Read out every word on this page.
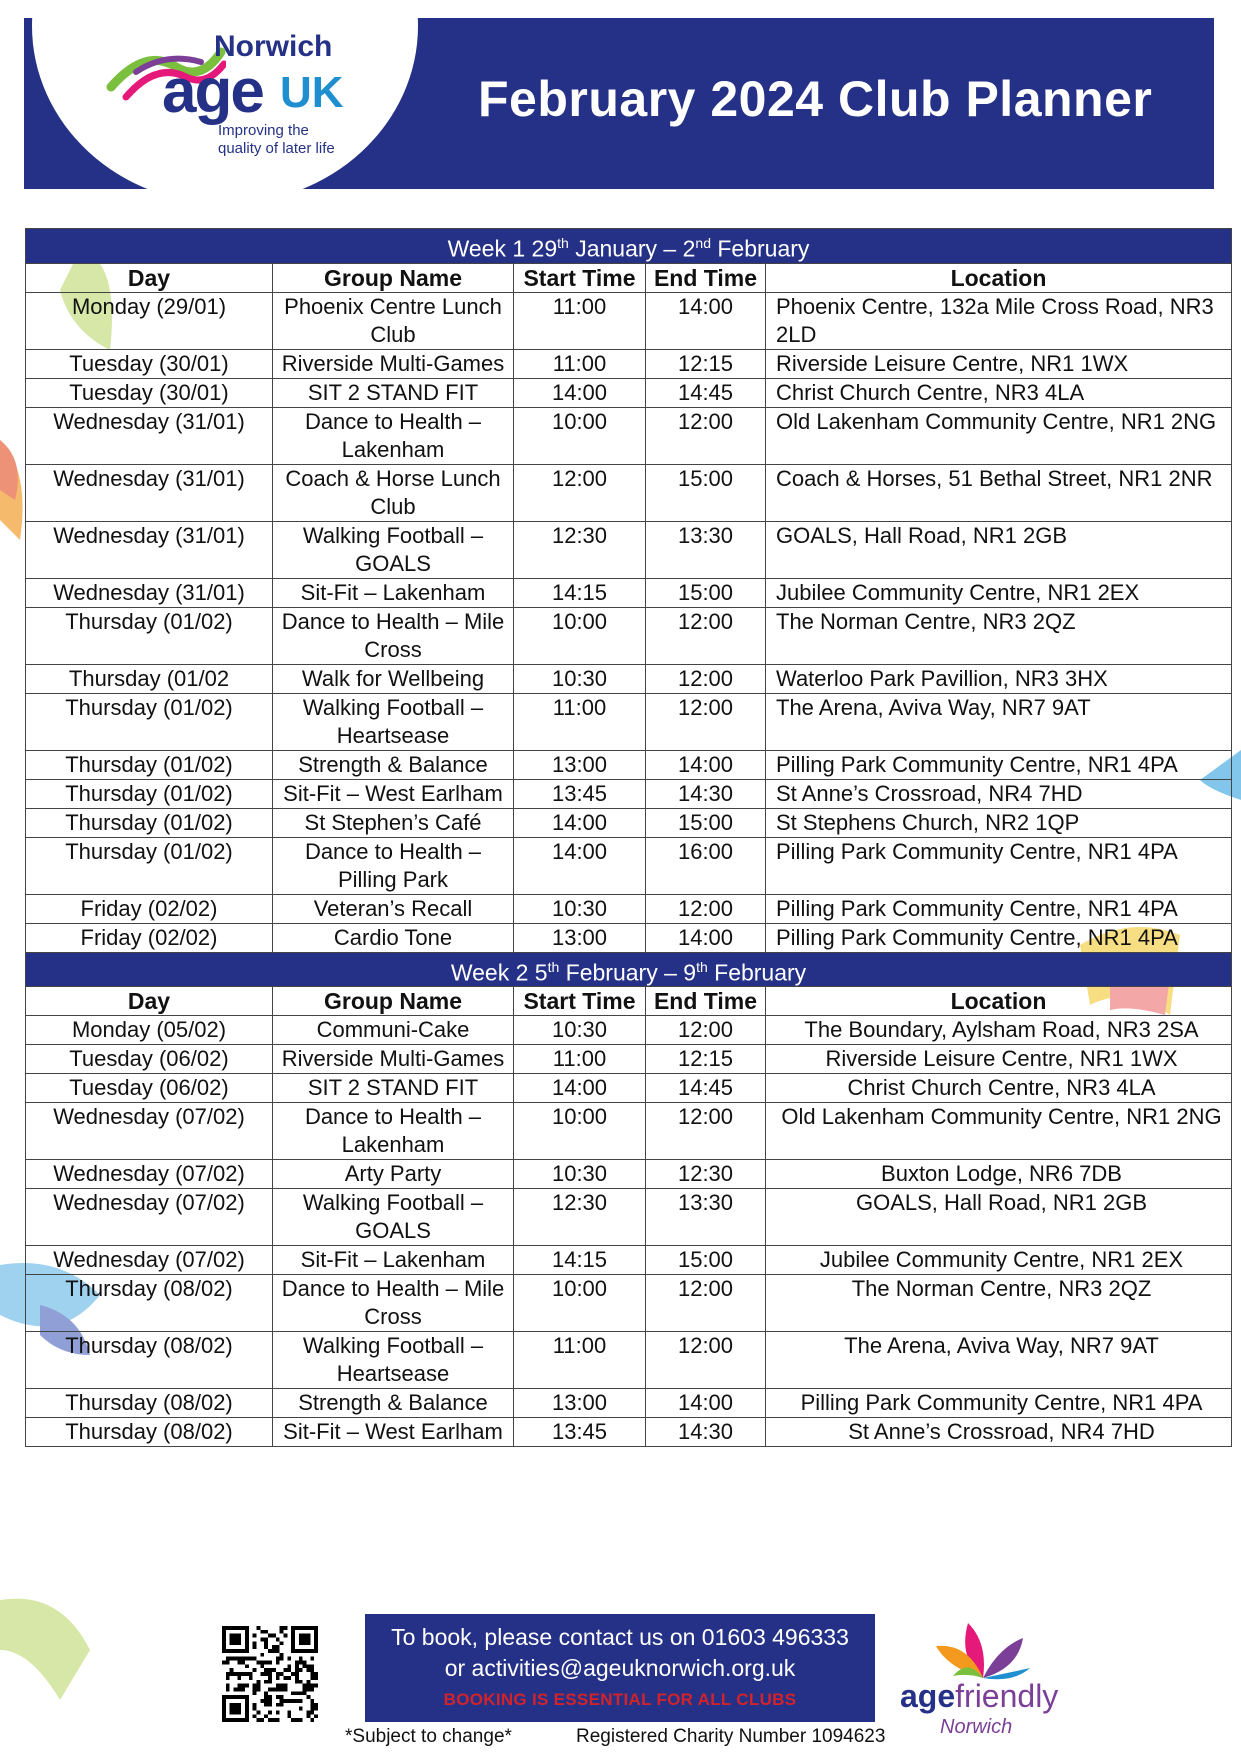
Norwich
age UK
Improving the
quality of later life
February 2024 Club Planner
Week 1 29th January – 2nd February				
Day	Group Name	Start Time	End Time	Location
Monday (29/01)	Phoenix Centre Lunch Club	11:00	14:00	Phoenix Centre, 132a Mile Cross Road, NR3 2LD
Tuesday (30/01)	Riverside Multi-Games	11:00	12:15	Riverside Leisure Centre, NR1 1WX
Tuesday (30/01)	SIT 2 STAND FIT	14:00	14:45	Christ Church Centre, NR3 4LA
Wednesday (31/01)	Dance to Health – Lakenham	10:00	12:00	Old Lakenham Community Centre, NR1 2NG
Wednesday (31/01)	Coach & Horse Lunch Club	12:00	15:00	Coach & Horses, 51 Bethal Street, NR1 2NR
Wednesday (31/01)	Walking Football – GOALS	12:30	13:30	GOALS, Hall Road, NR1 2GB
Wednesday (31/01)	Sit-Fit – Lakenham	14:15	15:00	Jubilee Community Centre, NR1 2EX
Thursday (01/02)	Dance to Health – Mile Cross	10:00	12:00	The Norman Centre, NR3 2QZ
Thursday (01/02	Walk for Wellbeing	10:30	12:00	Waterloo Park Pavillion, NR3 3HX
Thursday (01/02)	Walking Football – Heartsease	11:00	12:00	The Arena, Aviva Way, NR7 9AT
Thursday (01/02)	Strength & Balance	13:00	14:00	Pilling Park Community Centre, NR1 4PA
Thursday (01/02)	Sit-Fit – West Earlham	13:45	14:30	St Anne’s Crossroad, NR4 7HD
Thursday (01/02)	St Stephen’s Café	14:00	15:00	St Stephens Church, NR2 1QP
Thursday (01/02)	Dance to Health – Pilling Park	14:00	16:00	Pilling Park Community Centre, NR1 4PA
Friday (02/02)	Veteran’s Recall	10:30	12:00	Pilling Park Community Centre, NR1 4PA
Friday (02/02)	Cardio Tone	13:00	14:00	Pilling Park Community Centre, NR1 4PA
Week 2 5th February – 9th February				
Day	Group Name	Start Time	End Time	Location
Monday (05/02)	Communi-Cake	10:30	12:00	The Boundary, Aylsham Road, NR3 2SA
Tuesday (06/02)	Riverside Multi-Games	11:00	12:15	Riverside Leisure Centre, NR1 1WX
Tuesday (06/02)	SIT 2 STAND FIT	14:00	14:45	Christ Church Centre, NR3 4LA
Wednesday (07/02)	Dance to Health – Lakenham	10:00	12:00	Old Lakenham Community Centre, NR1 2NG
Wednesday (07/02)	Arty Party	10:30	12:30	Buxton Lodge, NR6 7DB
Wednesday (07/02)	Walking Football – GOALS	12:30	13:30	GOALS, Hall Road, NR1 2GB
Wednesday (07/02)	Sit-Fit – Lakenham	14:15	15:00	Jubilee Community Centre, NR1 2EX
Thursday (08/02)	Dance to Health – Mile Cross	10:00	12:00	The Norman Centre, NR3 2QZ
Thursday (08/02)	Walking Football – Heartsease	11:00	12:00	The Arena, Aviva Way, NR7 9AT
Thursday (08/02)	Strength & Balance	13:00	14:00	Pilling Park Community Centre, NR1 4PA
Thursday (08/02)	Sit-Fit – West Earlham	13:45	14:30	St Anne’s Crossroad, NR4 7HD
To book, please contact us on 01603 496333
or activities@ageuknorwich.org.uk
BOOKING IS ESSENTIAL FOR ALL CLUBS
*Subject to change*	Registered Charity Number 1094623
agefriendly
Norwich
